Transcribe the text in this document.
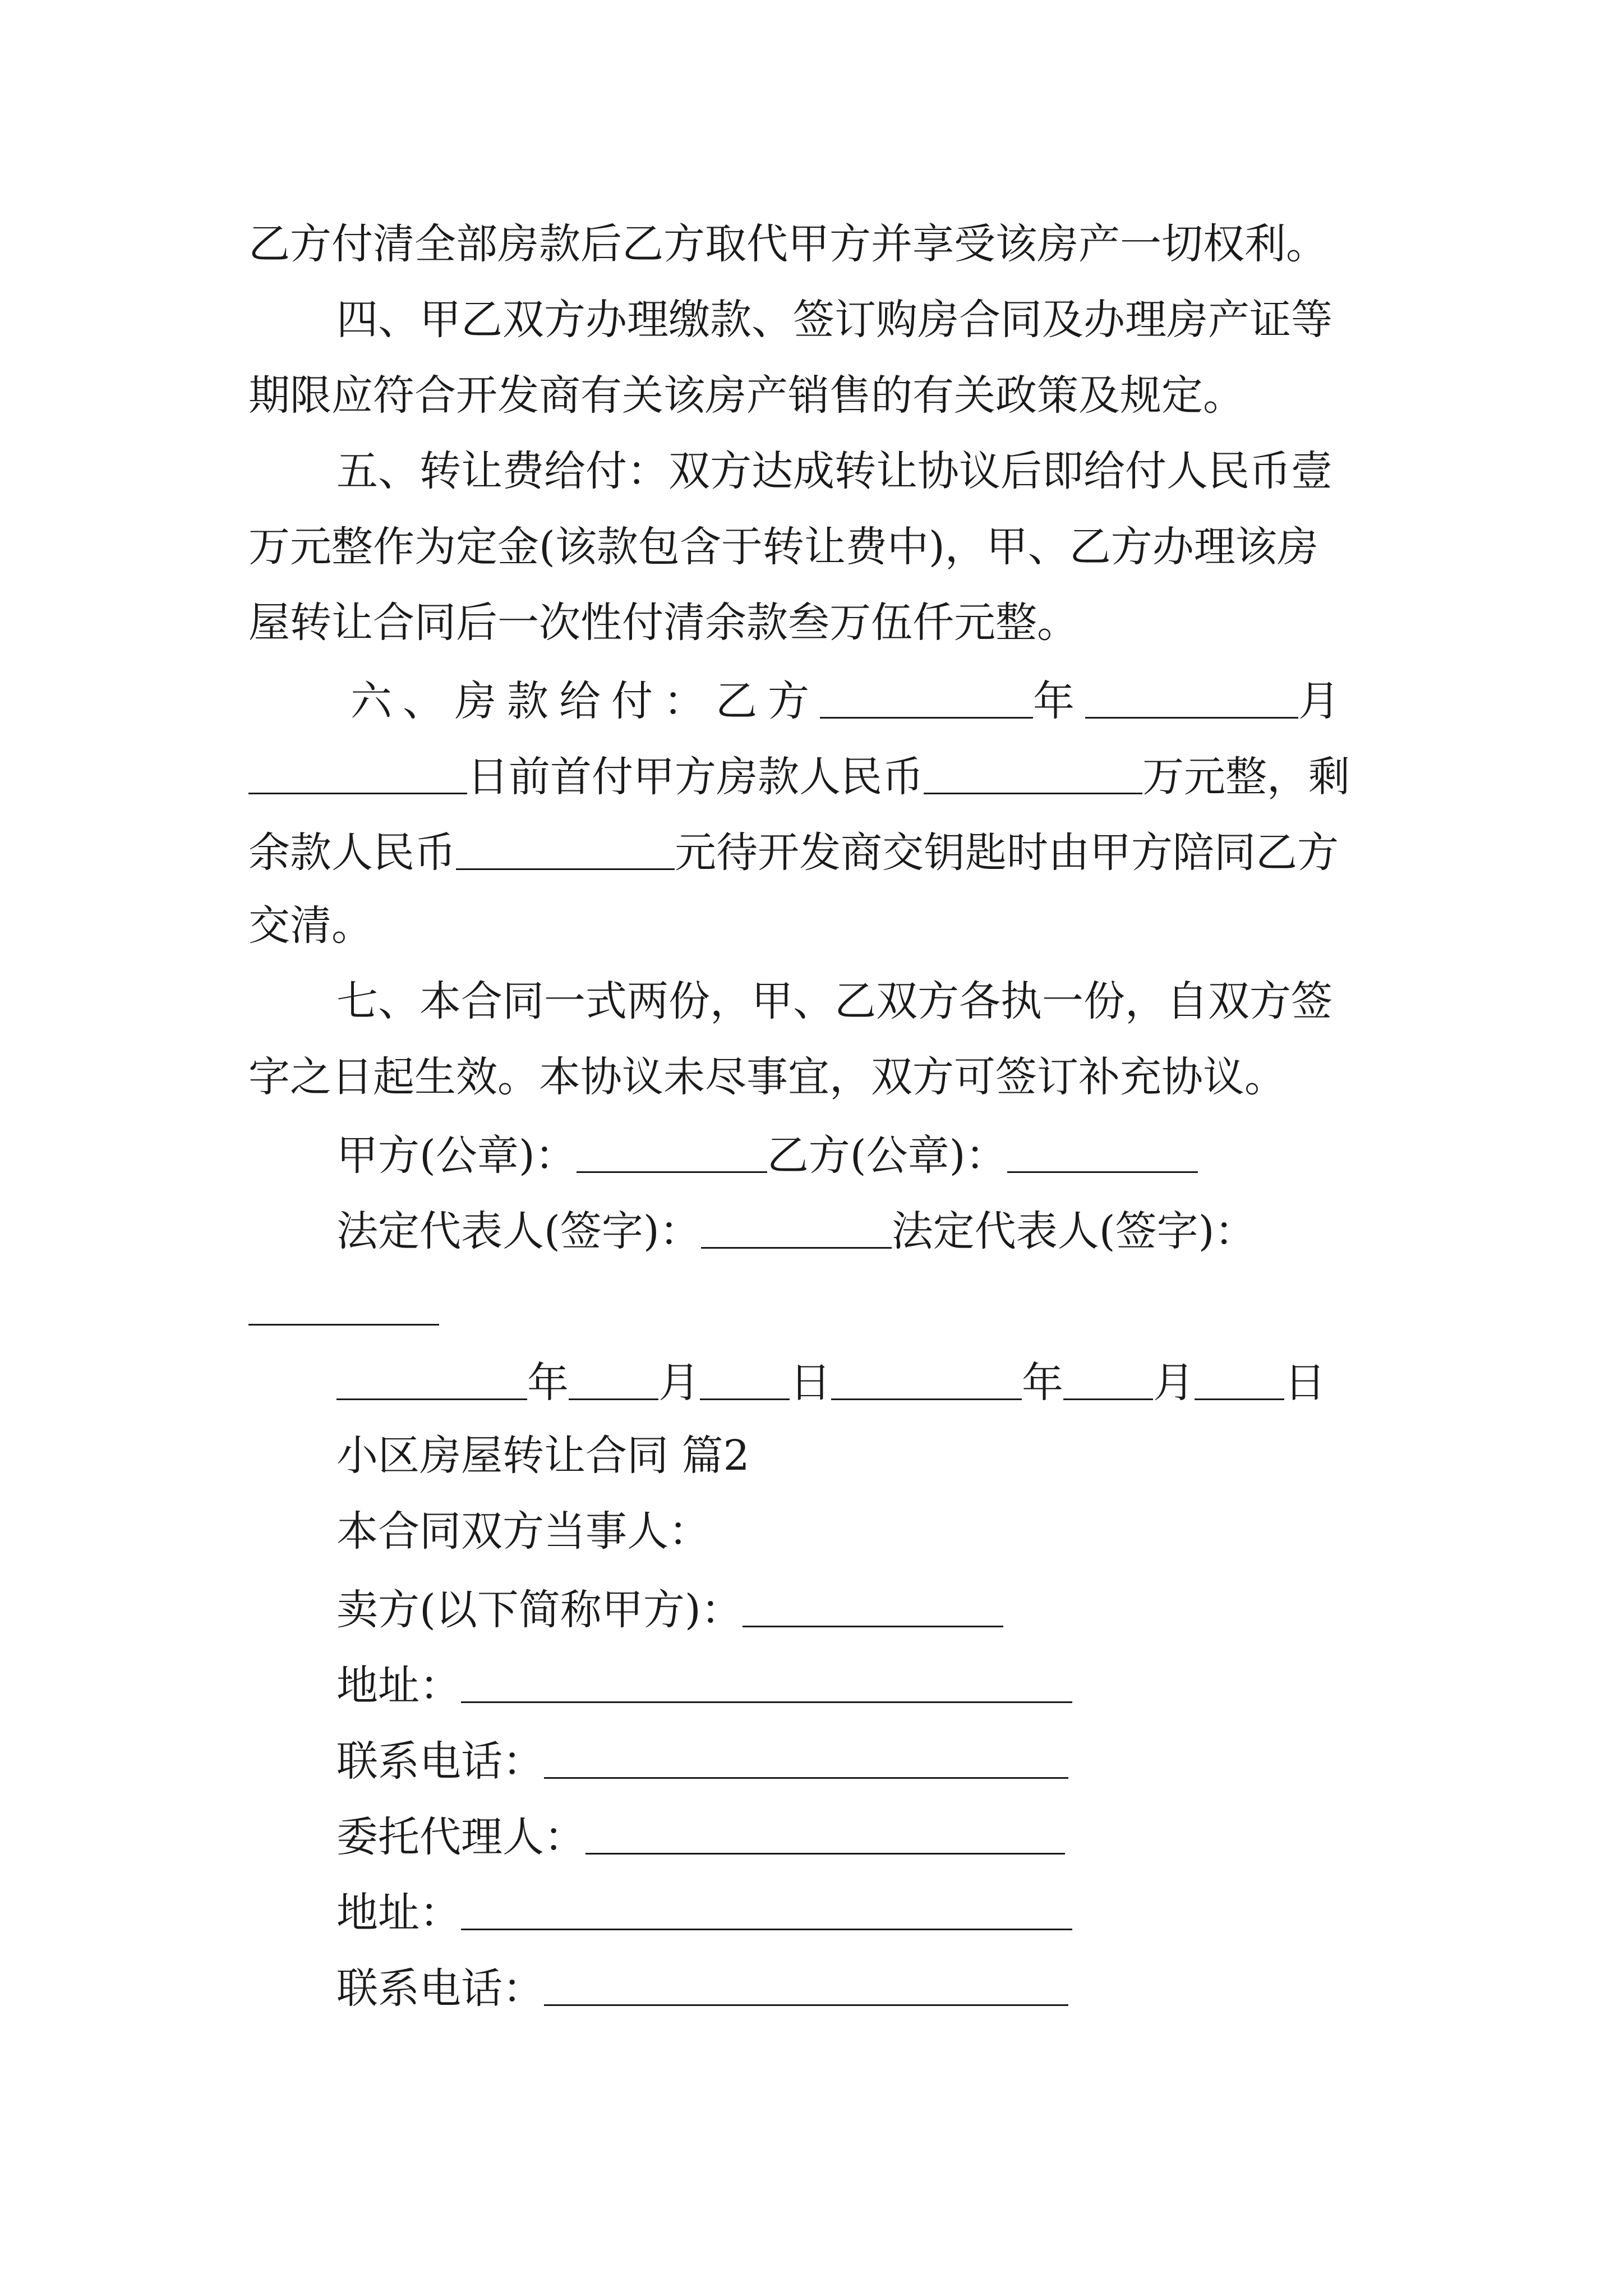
乙方付清全部房款后乙方取代甲方并享受该房产一切权利。
四、甲乙双方办理缴款、签订购房合同及办理房产证等
期限应符合开发商有关该房产销售的有关政策及规定。
五、转让费给付：双方达成转让协议后即给付人民币壹
万元整作为定金(该款包含于转让费中)，甲、乙方办理该房
屋转让合同后一次性付清余款叁万伍仟元整。
六、房款给付：乙方	年	月
日前首付甲方房款人民币	万元整，剩
余款人民币	元待开发商交钥匙时由甲方陪同乙方
交清。
七、本合同一式两份，甲、乙双方各执一份，自双方签
字之日起生效。本协议未尽事宜，双方可签订补充协议。
甲方(公章)：	乙方(公章)：
法定代表人(签字)：	法定代表人(签字)：
年 月 日	年 月 日
小区房屋转让合同 篇2
本合同双方当事人：
卖方(以下简称甲方)：
地址：
联系电话：
委托代理人：
地址：
联系电话：
